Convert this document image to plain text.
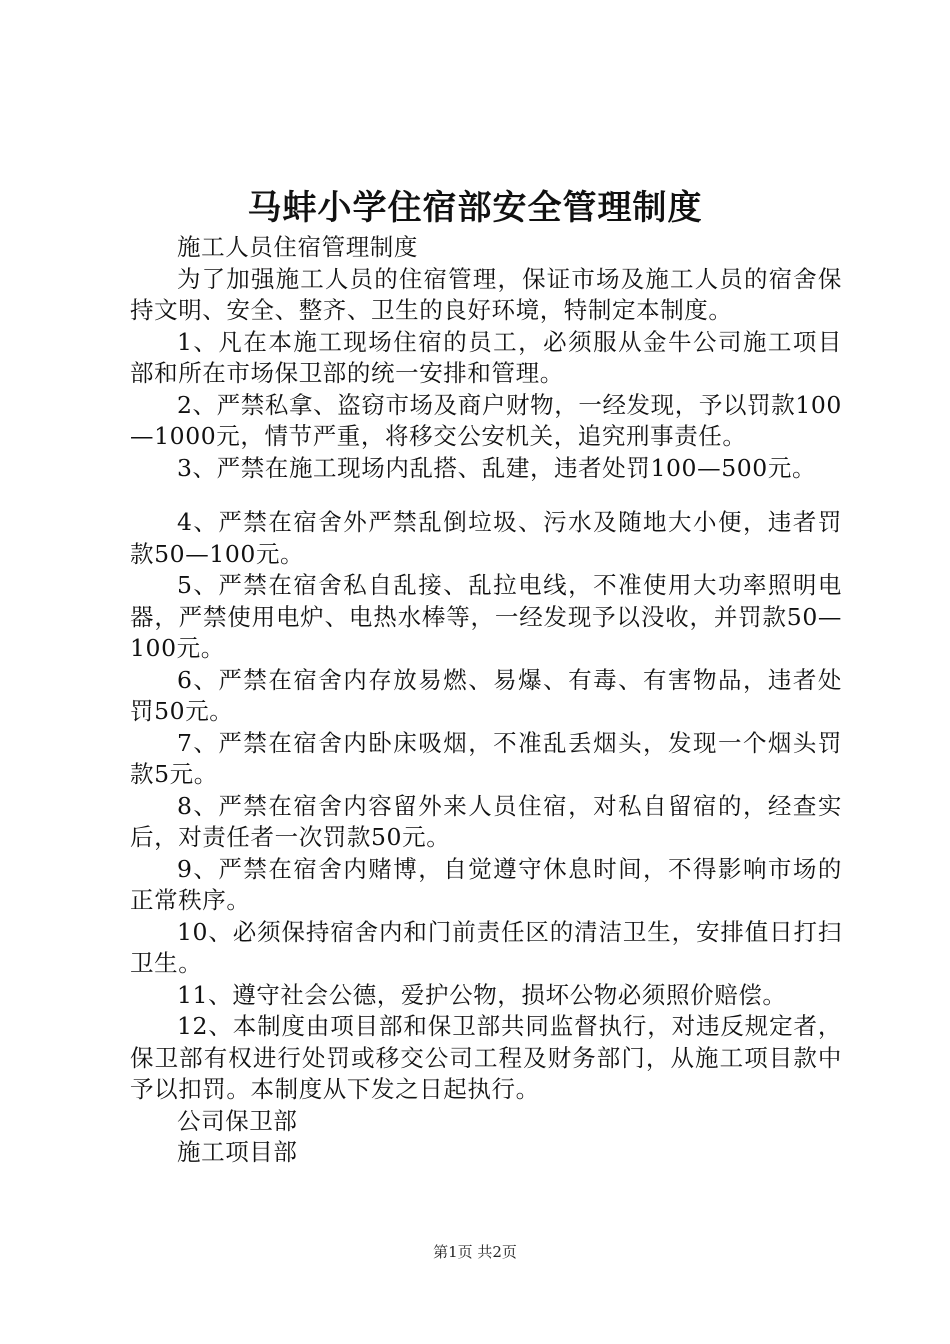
马蚌小学住宿部安全管理制度

施工人员住宿管理制度

为了加强施工人员的住宿管理，保证市场及施工人员的宿舍保持文明、安全、整齐、卫生的良好环境，特制定本制度。

1、凡在本施工现场住宿的员工，必须服从金牛公司施工项目部和所在市场保卫部的统一安排和管理。

2、严禁私拿、盗窃市场及商户财物，一经发现，予以罚款100—1000元，情节严重，将移交公安机关，追究刑事责任。

3、严禁在施工现场内乱搭、乱建，违者处罚100—500元。

4、严禁在宿舍外严禁乱倒垃圾、污水及随地大小便，违者罚款50—100元。

5、严禁在宿舍私自乱接、乱拉电线，不准使用大功率照明电器，严禁使用电炉、电热水棒等，一经发现予以没收，并罚款50—100元。

6、严禁在宿舍内存放易燃、易爆、有毒、有害物品，违者处罚50元。

7、严禁在宿舍内卧床吸烟，不准乱丢烟头，发现一个烟头罚款5元。

8、严禁在宿舍内容留外来人员住宿，对私自留宿的，经查实后，对责任者一次罚款50元。

9、严禁在宿舍内赌博，自觉遵守休息时间，不得影响市场的正常秩序。

10、必须保持宿舍内和门前责任区的清洁卫生，安排值日打扫卫生。

11、遵守社会公德，爱护公物，损坏公物必须照价赔偿。

12、本制度由项目部和保卫部共同监督执行，对违反规定者，保卫部有权进行处罚或移交公司工程及财务部门，从施工项目款中予以扣罚。本制度从下发之日起执行。

公司保卫部

施工项目部

第1页 共2页
